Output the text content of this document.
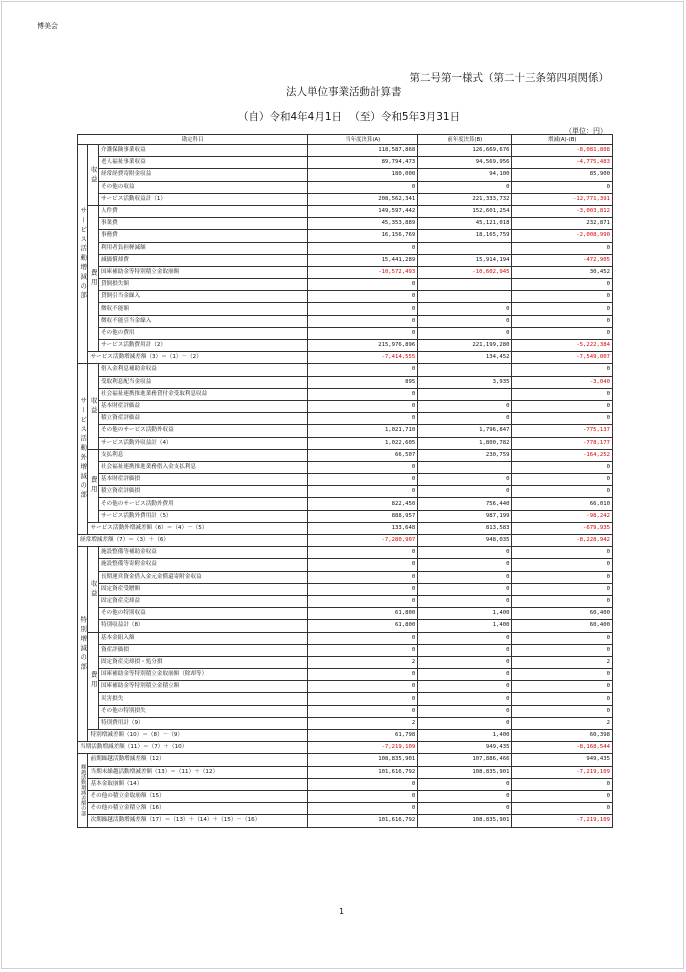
博美会
第二号第一様式（第二十三条第四項関係）
法人単位事業活動計算書
（自）令和4年4月1日 （至）令和5年3月31日
（単位：円）
勘定科目			当年度決算(A)	前年度決算(B)	増減(A)-(B)
サービス活動増減の部	収益	介護保険事業収益	118,587,868	126,669,676	-8,081,808
		老人福祉事業収益	89,794,473	94,569,956	-4,775,483
		経常経費寄附金収益	180,000	94,100	85,900
		その他の収益	0	0	0
		サービス活動収益計（1）	208,562,341	221,333,732	-12,771,391
	費用	人件費	149,597,442	152,601,254	-3,003,812
		事業費	45,353,889	45,121,018	232,871
		事務費	16,156,769	18,165,759	-2,008,990
		利用者負担軽減額	0		0
		減価償却費	15,441,289	15,914,194	-472,905
		国庫補助金等特別積立金取崩額	-10,572,493	-10,602,945	30,452
		貸倒損失額	0		0
		貸倒引当金繰入	0		0
		徴収不能額	0	0	0
		徴収不能引当金繰入	0	0	0
		その他の費用	0	0	0
		サービス活動費用計（2）	215,976,896	221,199,280	-5,222,384
	サービス活動増減差額（3）＝（1）－（2）		-7,414,555	134,452	-7,549,007
サービス活動外増減の部	収益	借入金利息補助金収益	0		0
		受取利息配当金収益	895	3,935	-3,040
		社会福祉連携推進業務貸付金受取利息収益	0		0
		基本財産評価益	0	0	0
		積立資産評価益	0	0	0
		その他のサービス活動外収益	1,021,710	1,796,847	-775,137
		サービス活動外収益計（4）	1,022,605	1,800,782	-778,177
	費用	支払利息	66,507	230,759	-164,252
		社会福祉連携推進業務借入金支払利息	0		0
		基本財産評価損	0	0	0
		積立資産評価損	0	0	0
		その他のサービス活動外費用	822,450	756,440	66,010
		サービス活動外費用計（5）	888,957	987,199	-98,242
	サービス活動外増減差額（6）＝（4）－（5）		133,648	813,583	-679,935
経常増減差額（7）＝（3）＋（6）			-7,280,907	948,035	-8,228,942
特別増減の部	収益	施設整備等補助金収益	0	0	0
		施設整備等寄附金収益	0	0	0
		長期運営資金借入金元金償還寄附金収益	0	0	0
		固定資産受贈額	0	0	0
		固定資産売却益	0	0	0
		その他の特別収益	61,800	1,400	60,400
		特別収益計（8）	61,800	1,400	60,400
	費用	基本金組入額	0	0	0
		資産評価損	0	0	0
		固定資産売却損・処分損	2	0	2
		国庫補助金等特別積立金取崩額（除却等）	0	0	0
		国庫補助金等特別積立金積立額	0	0	0
		災害損失	0	0	0
		その他の特別損失	0	0	0
		特別費用計（9）	2	0	2
	特別増減差額（10）＝（8）－（9）		61,798	1,400	60,398
当期活動増減差額（11）＝（7）＋（10）			-7,219,109	949,435	-8,168,544
繰越活動増減差額の部	前期繰越活動増減差額（12）		108,835,901	107,886,466	949,435
	当期末繰越活動増減差額（13）＝（11）＋（12）		101,616,792	108,835,901	-7,219,109
	基本金取崩額（14）		0	0	0
	その他の積立金取崩額（15）		0	0	0
	その他の積立金積立額（16）		0	0	0
	次期繰越活動増減差額（17）＝（13）＋（14）＋（15）－（16）		101,616,792	108,835,901	-7,219,109
1
